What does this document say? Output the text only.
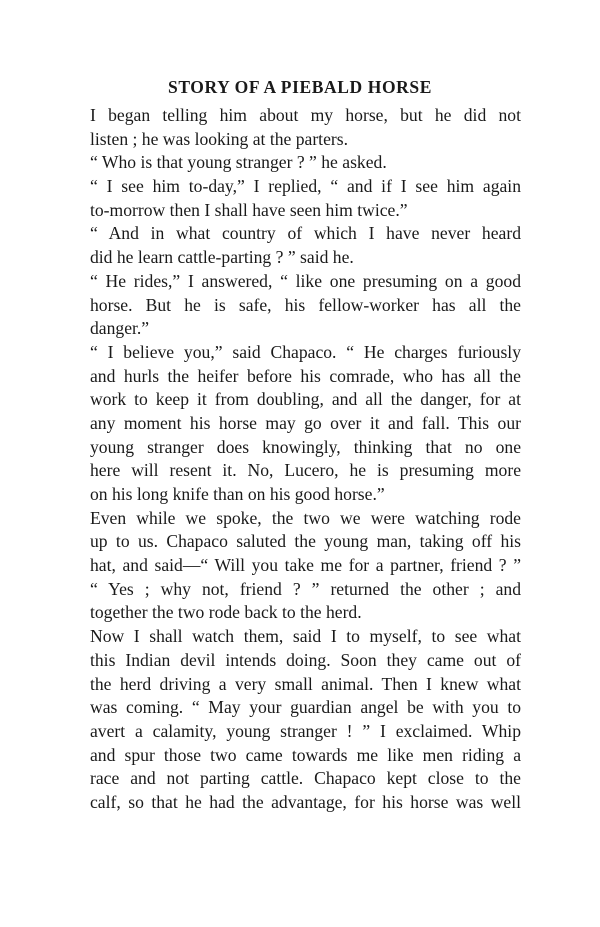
STORY OF A PIEBALD HORSE
I began telling him about my horse, but he did not
listen ; he was looking at the parters.
“ Who is that young stranger ? ” he asked.
“ I see him to-day,” I replied, “ and if I see him again
to-morrow then I shall have seen him twice.”
“ And in what country of which I have never heard
did he learn cattle-parting ? ” said he.
“ He rides,” I answered, “ like one presuming on a good
horse. But he is safe, his fellow-worker has all the
danger.”
“ I believe you,” said Chapaco. “ He charges furiously
and hurls the heifer before his comrade, who has all the
work to keep it from doubling, and all the danger, for at
any moment his horse may go over it and fall. This our
young stranger does knowingly, thinking that no one
here will resent it. No, Lucero, he is presuming more
on his long knife than on his good horse.”
Even while we spoke, the two we were watching rode
up to us. Chapaco saluted the young man, taking off his
hat, and said—“ Will you take me for a partner, friend ? ”
“ Yes ; why not, friend ? ” returned the other ; and
together the two rode back to the herd.
Now I shall watch them, said I to myself, to see what
this Indian devil intends doing. Soon they came out of
the herd driving a very small animal. Then I knew what
was coming. “ May your guardian angel be with you to
avert a calamity, young stranger ! ” I exclaimed. Whip
and spur those two came towards me like men riding a
race and not parting cattle. Chapaco kept close to the
calf, so that he had the advantage, for his horse was well
